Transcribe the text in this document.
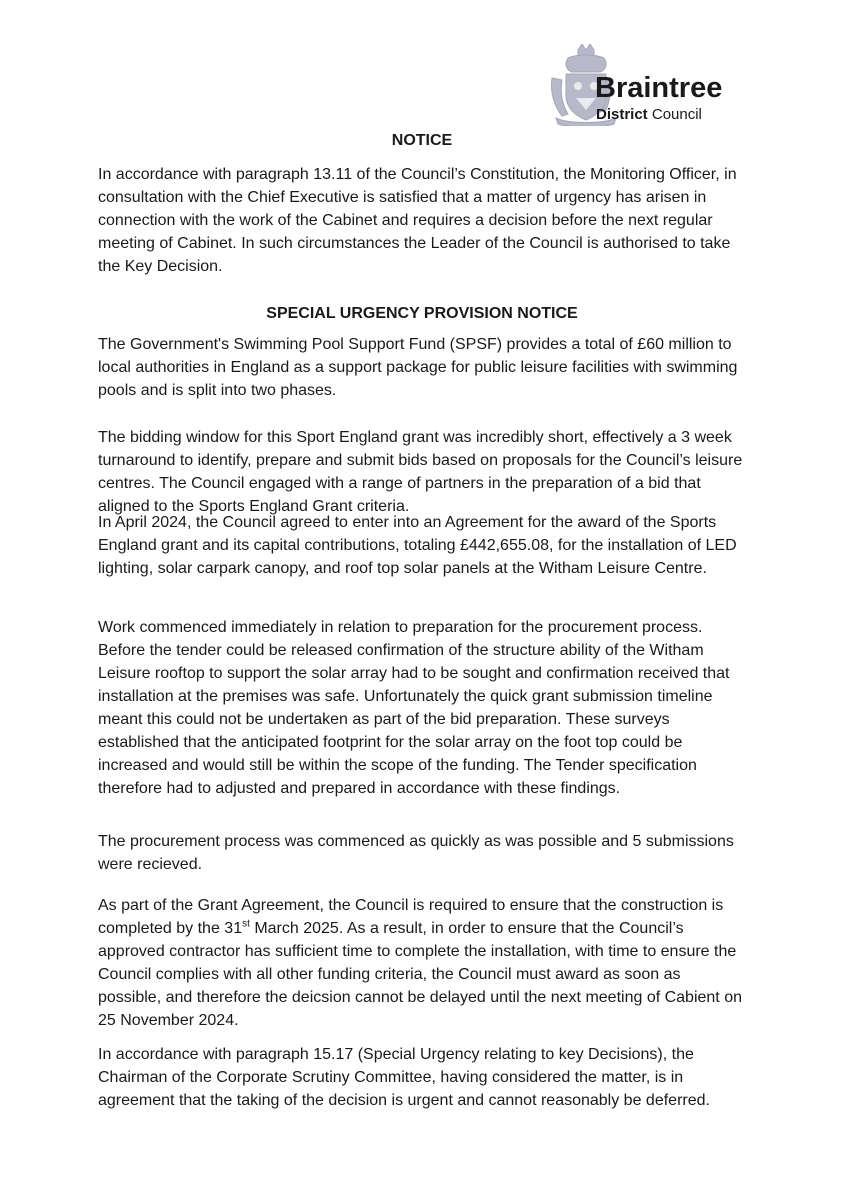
Braintree
District Council
NOTICE

In accordance with paragraph 13.11 of the Council’s Constitution, the Monitoring Officer, in consultation with the Chief Executive is satisfied that a matter of urgency has arisen in connection with the work of the Cabinet and requires a decision before the next regular meeting of Cabinet. In such circumstances the Leader of the Council is authorised to take the Key Decision.

SPECIAL URGENCY PROVISION NOTICE

The Government's Swimming Pool Support Fund (SPSF) provides a total of £60 million to local authorities in England as a support package for public leisure facilities with swimming pools and is split into two phases.

The bidding window for this Sport England grant was incredibly short, effectively a 3 week turnaround to identify, prepare and submit bids based on proposals for the Council’s leisure centres. The Council engaged with a range of partners in the preparation of a bid that aligned to the Sports England Grant criteria.

In April 2024, the Council agreed to enter into an Agreement for the award of the Sports England grant and its capital contributions, totaling £442,655.08, for the installation of LED lighting, solar carpark canopy, and roof top solar panels at the Witham Leisure Centre.

Work commenced immediately in relation to preparation for the procurement process. Before the tender could be released confirmation of the structure ability of the Witham Leisure rooftop to support the solar array had to be sought and confirmation received that installation at the premises was safe. Unfortunately the quick grant submission timeline meant this could not be undertaken as part of the bid preparation. These surveys established that the anticipated footprint for the solar array on the foot top could be increased and would still be within the scope of the funding. The Tender specification therefore had to adjusted and prepared in accordance with these findings.

The procurement process was commenced as quickly as was possible and 5 submissions were recieved.

As part of the Grant Agreement, the Council is required to ensure that the construction is completed by the 31st March 2025. As a result, in order to ensure that the Council’s approved contractor has sufficient time to complete the installation, with time to ensure the Council complies with all other funding criteria, the Council must award as soon as possible, and therefore the deicsion cannot be delayed until the next meeting of Cabient on 25 November 2024.

In accordance with paragraph 15.17 (Special Urgency relating to key Decisions), the Chairman of the Corporate Scrutiny Committee, having considered the matter, is in agreement that the taking of the decision is urgent and cannot reasonably be deferred.
